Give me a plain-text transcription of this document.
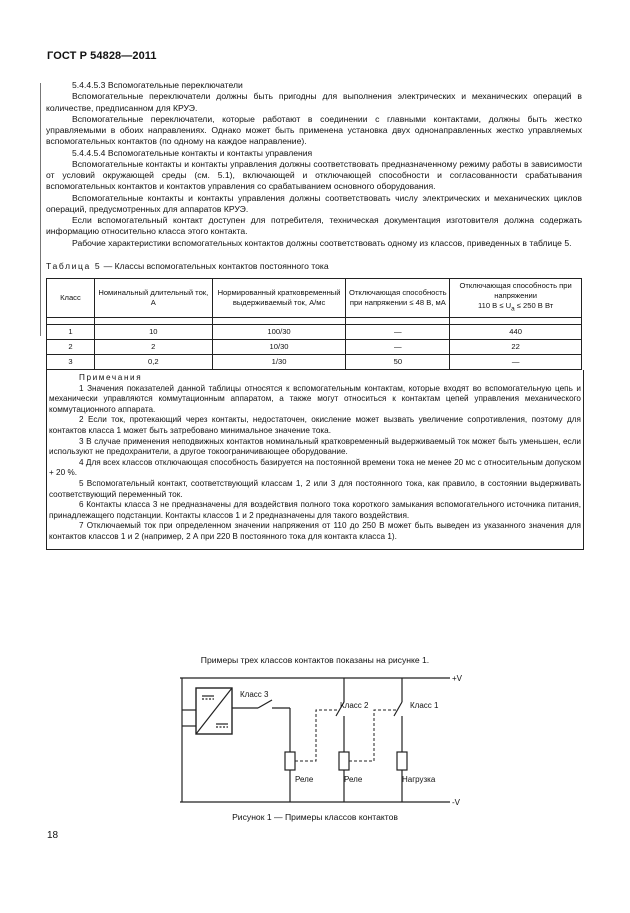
ГОСТ Р 54828—2011

5.4.4.5.3 Вспомогательные переключатели

Вспомогательные переключатели должны быть пригодны для выполнения электрических и механических операций в количестве, предписанном для КРУЭ.

Вспомогательные переключатели, которые работают в соединении с главными контактами, должны быть жестко управляемыми в обоих направлениях. Однако может быть применена установка двух однонаправленных жестко управляемых вспомогательных контактов (по одному на каждое направление).

5.4.4.5.4 Вспомогательные контакты и контакты управления

Вспомогательные контакты и контакты управления должны соответствовать предназначенному режиму работы в зависимости от условий окружающей среды (см. 5.1), включающей и отключающей способности и согласованности срабатывания вспомогательных контактов и контактов управления со срабатыванием основного оборудования.

Вспомогательные контакты и контакты управления должны соответствовать числу электрических и механических циклов операций, предусмотренных для аппаратов КРУЭ.

Если вспомогательный контакт доступен для потребителя, техническая документация изготовителя должна содержать информацию относительно класса этого контакта.

Рабочие характеристики вспомогательных контактов должны соответствовать одному из классов, приведенных в таблице 5.

Таблица 5 — Классы вспомогательных контактов постоянного тока
Класс	Номинальный длительный ток, А	Нормированный кратковременный выдерживаемый ток, А/мс	Отключающая способность при напряжении ≤ 48 В, мА	Отключающая способность при напряжении
110 $В \le U_a \le 250$ В Вт

1	10	100/30	—	440
2	2	10/30	—	22
3	0,2	1/30	50	—

Примечания

1 Значения показателей данной таблицы относятся к вспомогательным контактам, которые входят во вспомогательную цепь и механически управляются коммутационным аппаратом, а также могут относиться к контактам цепей управления механического коммутационного аппарата.

2 Если ток, протекающий через контакты, недостаточен, окисление может вызвать увеличение сопротивления, поэтому для контактов класса 1 может быть затребовано минимальное значение тока.

3 В случае применения неподвижных контактов номинальный кратковременный выдерживаемый ток может быть уменьшен, если используют не предохранители, а другое токоограничивающее оборудование.

4 Для всех классов отключающая способность базируется на постоянной времени тока не менее 20 мс с относительным допуском + 20 %.

5 Вспомогательный контакт, соответствующий классам 1, 2 или 3 для постоянного тока, как правило, в состоянии выдерживать соответствующий переменный ток.

6 Контакты класса 3 не предназначены для воздействия полного тока короткого замыкания вспомогательного источника питания, принадлежащего подстанции. Контакты классов 1 и 2 предназначены для такого воздействия.

7 Отключаемый ток при определенном значении напряжения от 110 до 250 В может быть выведен из указанного значения для контактов классов 1 и 2 (например, 2 А при 220 В постоянного тока для контакта класса 1).

Примеры трех классов контактов показаны на рисунке 1.
+V
-V
Класс 3
Реле
Класс 2
Реле
Класс 1
Нагрузка
Рисунок 1 — Примеры классов контактов
18
